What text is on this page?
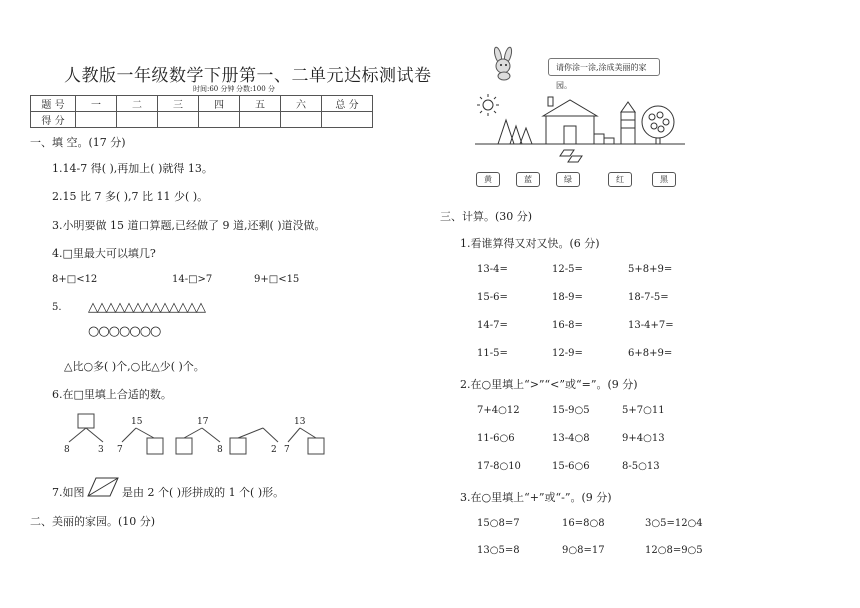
人教版一年级数学下册第一、二单元达标测试卷
时间:60 分钟 分数:100 分
题 号	一	二	三	四	五	六	总 分
得 分							
一、填 空。(17 分)
1.14-7 得( ),再加上( )就得 13。
2.15 比 7 多( ),7 比 11 少( )。
3.小明要做 15 道口算题,已经做了 9 道,还剩( )道没做。
4.□里最大可以填几?
8+□<12	14-□>7	9+□<15
5. △△△△△△△△△△△△△
○○○○○○○
△比○多( )个,○比△少( )个。
6.在□里填上合适的数。
8	3 7
15	17
8	2 7
13
7.如图	是由 2 个( )形拼成的 1 个( )形。
二、美丽的家园。(10 分)
请你涂一涂,涂成美丽的家园。
黄	蓝	绿	红	黑
三、计算。(30 分)
1.看谁算得又对又快。(6 分)
13-4=	12-5=	5+8+9=
15-6=	18-9=	18-7-5=
14-7=	16-8=	13-4+7=
11-5=	12-9=	6+8+9=
2.在○里填上“>”“<”或“=”。(9 分)
7+4○12	15-9○5	5+7○11
11-6○6	13-4○8	9+4○13
17-8○10	15-6○6	8-5○13
3.在○里填上“+”或“-”。(9 分)
15○8=7	16=8○8	3○5=12○4
13○5=8	9○8=17	12○8=9○5
